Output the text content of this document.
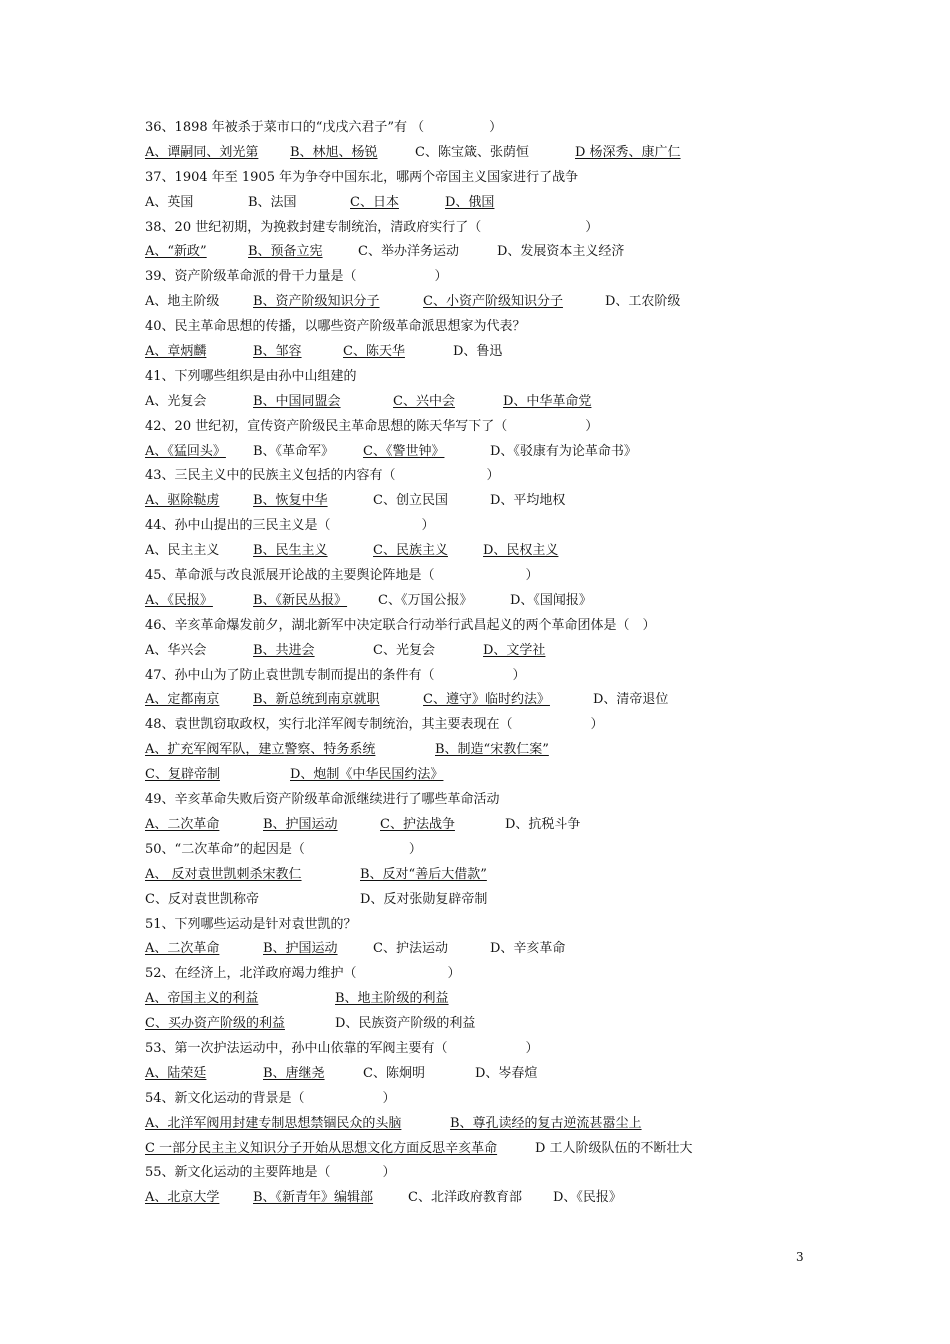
36、1898 年被杀于菜市口的“戊戌六君子”有 （　　　　　）
A、谭嗣同、刘光第 B、林旭、杨锐	C、陈宝箴、张荫恒	D 杨深秀、康广仁
37、1904 年至 1905 年为争夺中国东北，哪两个帝国主义国家进行了战争
A、英国	B、法国	C、日本	D、俄国
38、20 世纪初期，为挽救封建专制统治，清政府实行了（　　　　　　　　）
A、“新政”	B、预备立宪	C、举办洋务运动	D、发展资本主义经济
39、资产阶级革命派的骨干力量是（　　　　　　）
A、地主阶级	B、资产阶级知识分子	C、小资产阶级知识分子	D、工农阶级
40、民主革命思想的传播，以哪些资产阶级革命派思想家为代表？
A、章炳麟	B、邹容	C、陈天华	D、鲁迅
41、下列哪些组织是由孙中山组建的
A、光复会	B、中国同盟会	C、兴中会	D、中华革命党
42、20 世纪初，宣传资产阶级民主革命思想的陈天华写下了（　　　　　　）
A、《猛回头》 B、《革命军》 C、《警世钟》	D、《驳康有为论革命书》
43、三民主义中的民族主义包括的内容有（　　　　　　　）
A、驱除鞑虏	B、恢复中华	C、创立民国	D、平均地权
44、孙中山提出的三民主义是（　　　　　　　）
A、民主主义	B、民生主义	C、民族主义	D、民权主义
45、革命派与改良派展开论战的主要舆论阵地是（　　　　　　　）
A、《民报》	B、《新民丛报》 C、《万国公报》	D、《国闻报》
46、辛亥革命爆发前夕，湖北新军中决定联合行动举行武昌起义的两个革命团体是（　）
A、华兴会	B、共进会	C、光复会	D、文学社
47、孙中山为了防止袁世凯专制而提出的条件有（　　　　　　）
A、定都南京	B、新总统到南京就职	C、遵守》临时约法》	D、清帝退位
48、袁世凯窃取政权，实行北洋军阀专制统治，其主要表现在（　　　　　　）
A、扩充军阀军队，建立警察、特务系统	B、制造“宋教仁案”
C、复辟帝制	D、炮制《中华民国约法》
49、辛亥革命失败后资产阶级革命派继续进行了哪些革命活动
A、二次革命	B、护国运动	C、护法战争	D、抗税斗争
50、“二次革命”的起因是（　　　　　　　　）
A、 反对袁世凯刺杀宋教仁	B、反对“善后大借款”
C、反对袁世凯称帝	D、反对张勋复辟帝制
51、下列哪些运动是针对袁世凯的？
A、二次革命	B、护国运动	C、护法运动	D、辛亥革命
52、在经济上，北洋政府竭力维护（　　　　　　　）
A、帝国主义的利益	B、地主阶级的利益
C、买办资产阶级的利益	D、民族资产阶级的利益
53、第一次护法运动中，孙中山依靠的军阀主要有（　　　　　　）
A、陆荣廷	B、唐继尧	C、陈炯明	D、岑春煊
54、新文化运动的背景是（　　　　　　）
A、北洋军阀用封建专制思想禁锢民众的头脑	B、尊孔读经的复古逆流甚嚣尘上
C 一部分民主主义知识分子开始从思想文化方面反思辛亥革命	D 工人阶级队伍的不断壮大
55、新文化运动的主要阵地是（　　　　）
A、北京大学	B、《新青年》编辑部	C、北洋政府教育部 D、《民报》
3
